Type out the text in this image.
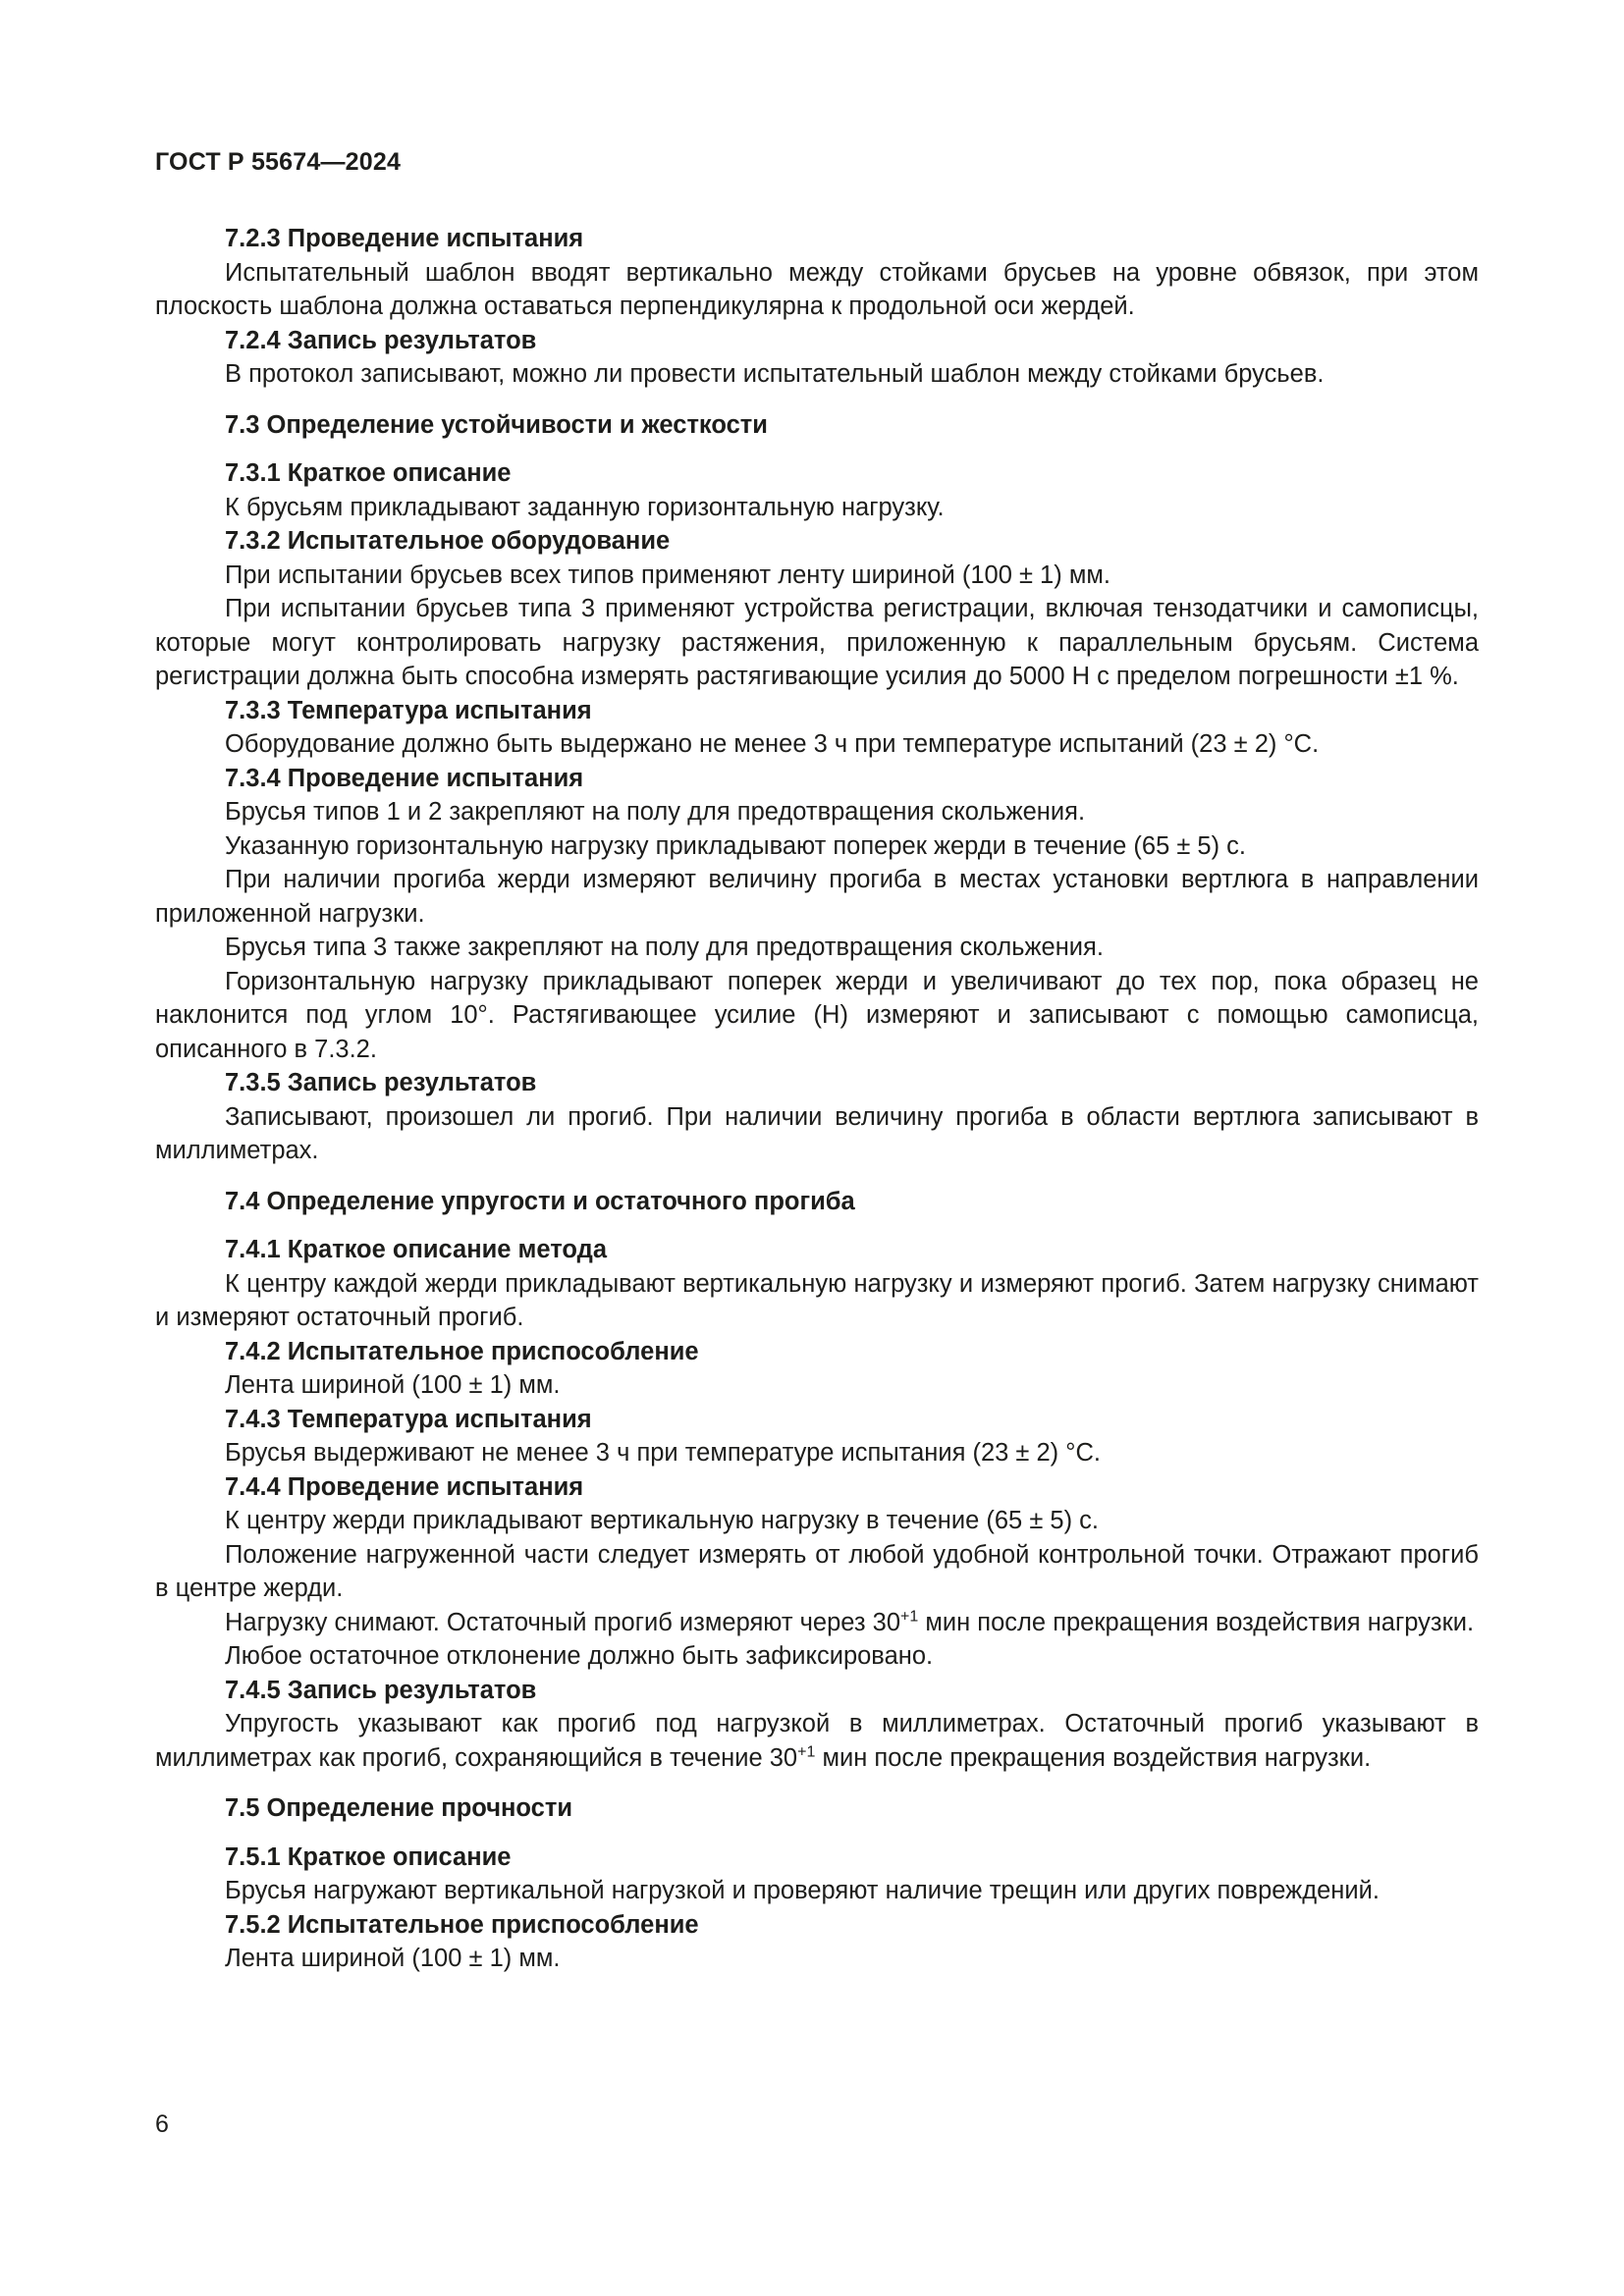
ГОСТ Р 55674—2024

7.2.3 Проведение испытания

Испытательный шаблон вводят вертикально между стойками брусьев на уровне обвязок, при этом плоскость шаблона должна оставаться перпендикулярна к продольной оси жердей.

7.2.4 Запись результатов

В протокол записывают, можно ли провести испытательный шаблон между стойками брусьев.

7.3 Определение устойчивости и жесткости

7.3.1 Краткое описание

К брусьям прикладывают заданную горизонтальную нагрузку.

7.3.2 Испытательное оборудование

При испытании брусьев всех типов применяют ленту шириной (100 ± 1) мм.

При испытании брусьев типа 3 применяют устройства регистрации, включая тензодатчики и самописцы, которые могут контролировать нагрузку растяжения, приложенную к параллельным брусьям. Система регистрации должна быть способна измерять растягивающие усилия до 5000 Н с пределом погрешности ±1 %.

7.3.3 Температура испытания

Оборудование должно быть выдержано не менее 3 ч при температуре испытаний (23 ± 2) °С.

7.3.4 Проведение испытания

Брусья типов 1 и 2 закрепляют на полу для предотвращения скольжения.

Указанную горизонтальную нагрузку прикладывают поперек жерди в течение (65 ± 5) с.

При наличии прогиба жерди измеряют величину прогиба в местах установки вертлюга в направлении приложенной нагрузки.

Брусья типа 3 также закрепляют на полу для предотвращения скольжения.

Горизонтальную нагрузку прикладывают поперек жерди и увеличивают до тех пор, пока образец не наклонится под углом 10°. Растягивающее усилие (Н) измеряют и записывают с помощью самописца, описанного в 7.3.2.

7.3.5 Запись результатов

Записывают, произошел ли прогиб. При наличии величину прогиба в области вертлюга записывают в миллиметрах.

7.4 Определение упругости и остаточного прогиба

7.4.1 Краткое описание метода

К центру каждой жерди прикладывают вертикальную нагрузку и измеряют прогиб. Затем нагрузку снимают и измеряют остаточный прогиб.

7.4.2 Испытательное приспособление

Лента шириной (100 ± 1) мм.

7.4.3 Температура испытания

Брусья выдерживают не менее 3 ч при температуре испытания (23 ± 2) °С.

7.4.4 Проведение испытания

К центру жерди прикладывают вертикальную нагрузку в течение (65 ± 5) с.

Положение нагруженной части следует измерять от любой удобной контрольной точки. Отражают прогиб в центре жерди.

Нагрузку снимают. Остаточный прогиб измеряют через $30^{+1}$ мин после прекращения воздействия нагрузки.

Любое остаточное отклонение должно быть зафиксировано.

7.4.5 Запись результатов

Упругость указывают как прогиб под нагрузкой в миллиметрах. Остаточный прогиб указывают в миллиметрах как прогиб, сохраняющийся в течение $30^{+1}$ мин после прекращения воздействия нагрузки.

7.5 Определение прочности

7.5.1 Краткое описание

Брусья нагружают вертикальной нагрузкой и проверяют наличие трещин или других повреждений.

7.5.2 Испытательное приспособление

Лента шириной (100 ± 1) мм.

6
